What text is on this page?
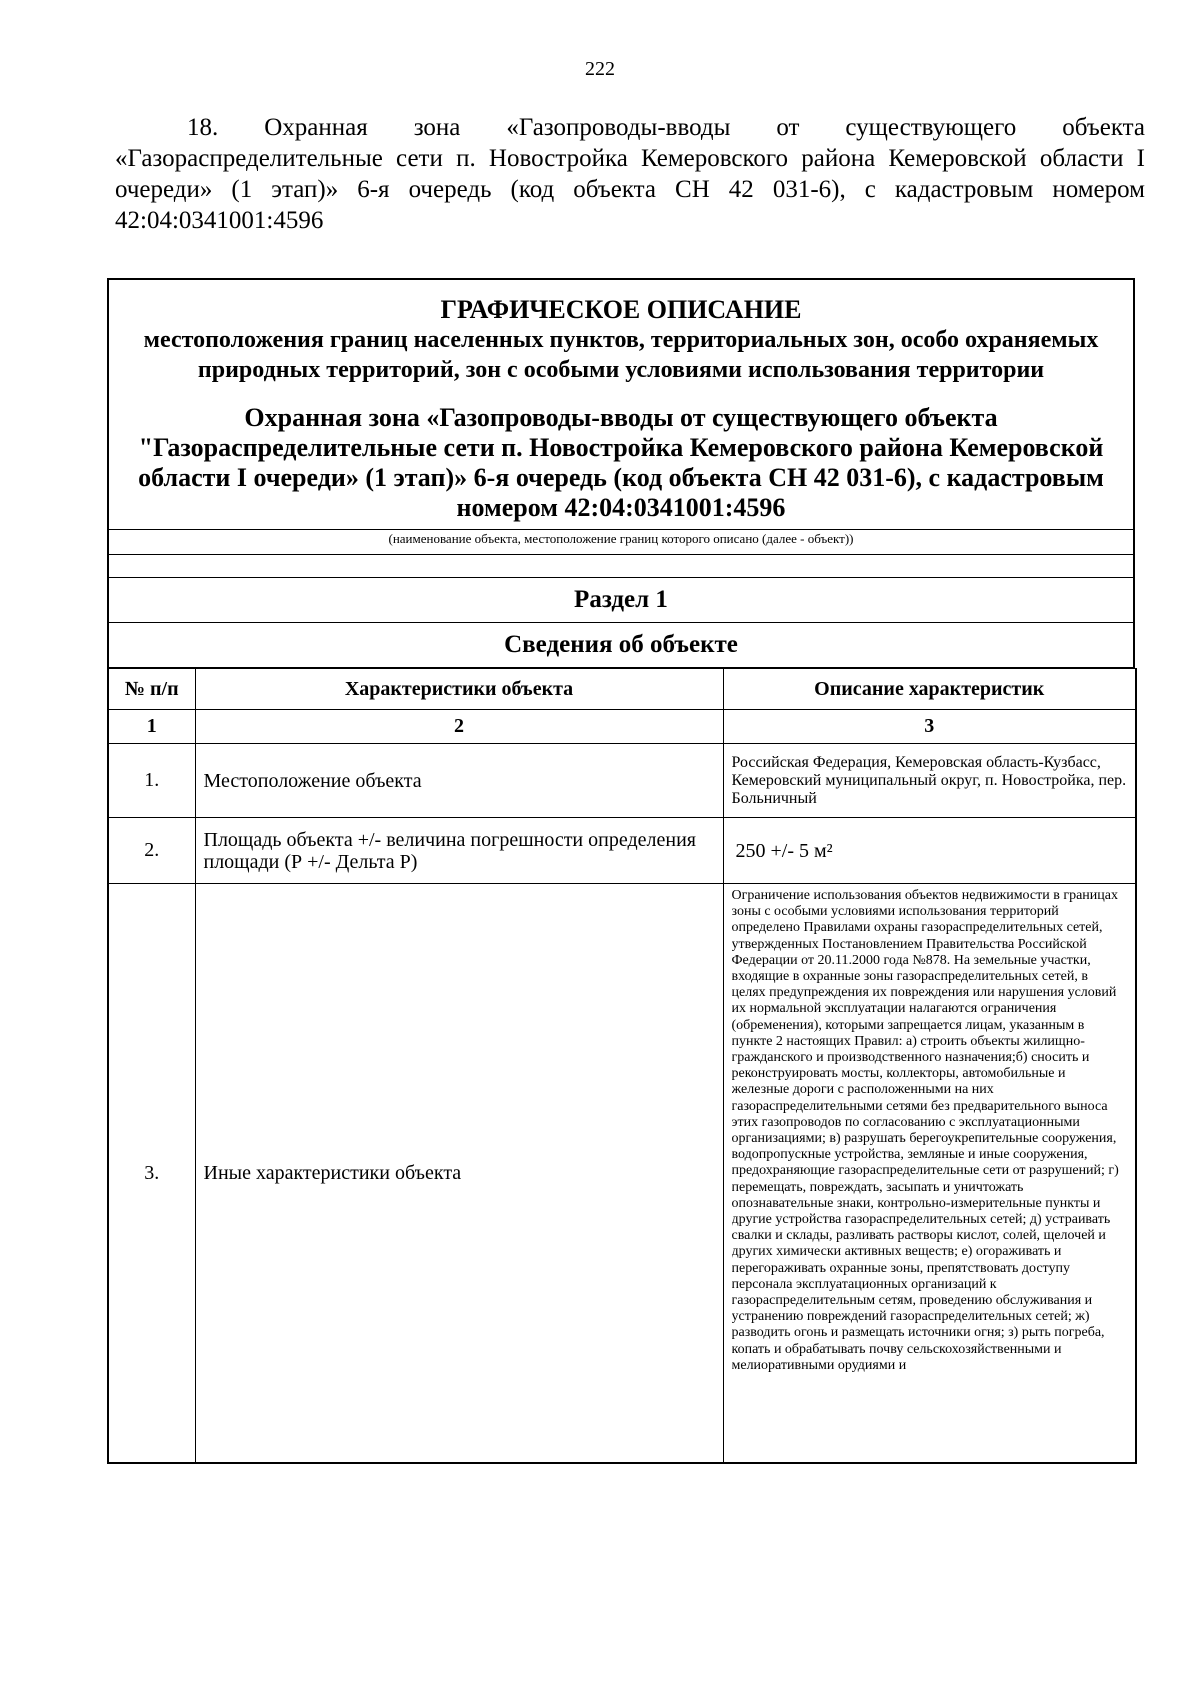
222
18. Охранная зона «Газопроводы-вводы от существующего объекта «Газораспределительные сети п. Новостройка Кемеровского района Кемеровской области I очереди» (1 этап)» 6-я очередь (код объекта СН 42 031-6), с кадастровым номером 42:04:0341001:4596
ГРАФИЧЕСКОЕ ОПИСАНИЕ
местоположения границ населенных пунктов, территориальных зон, особо охраняемых природных территорий, зон с особыми условиями использования территории
Охранная зона «Газопроводы-вводы от существующего объекта "Газораспределительные сети п. Новостройка Кемеровского района Кемеровской области I очереди» (1 этап)» 6-я очередь (код объекта СН 42 031-6), с кадастровым номером 42:04:0341001:4596
(наименование объекта, местоположение границ которого описано (далее - объект))
Раздел 1
Сведения об объекте
№ п/п	Характеристики объекта	Описание характеристик
1	2	3
1.	Местоположение объекта	Российская Федерация, Кемеровская область-Кузбасс, Кемеровский муниципальный округ, п. Новостройка, пер. Больничный
2.	Площадь объекта +/- величина погрешности определения площади (Р +/- Дельта Р)	250 +/- 5 м²
3.	Иные характеристики объекта	Ограничение использования объектов недвижимости в границах зоны с особыми условиями использования территорий определено Правилами охраны газораспределительных сетей, утвержденных Постановлением Правительства Российской Федерации от 20.11.2000 года №878. На земельные участки, входящие в охранные зоны газораспределительных сетей, в целях предупреждения их повреждения или нарушения условий их нормальной эксплуатации налагаются ограничения (обременения), которыми запрещается лицам, указанным в пункте 2 настоящих Правил: а) строить объекты жилищно-гражданского и производственного назначения;б) сносить и реконструировать мосты, коллекторы, автомобильные и железные дороги с расположенными на них газораспределительными сетями без предварительного выноса этих газопроводов по согласованию с эксплуатационными организациями; в) разрушать берегоукрепительные сооружения, водопропускные устройства, земляные и иные сооружения, предохраняющие газораспределительные сети от разрушений; г) перемещать, повреждать, засыпать и уничтожать опознавательные знаки, контрольно-измерительные пункты и другие устройства газораспределительных сетей; д) устраивать свалки и склады, разливать растворы кислот, солей, щелочей и других химически активных веществ; е) огораживать и перегораживать охранные зоны, препятствовать доступу персонала эксплуатационных организаций к газораспределительным сетям, проведению обслуживания и устранению повреждений газораспределительных сетей; ж) разводить огонь и размещать источники огня; з) рыть погреба, копать и обрабатывать почву сельскохозяйственными и мелиоративными орудиями и
